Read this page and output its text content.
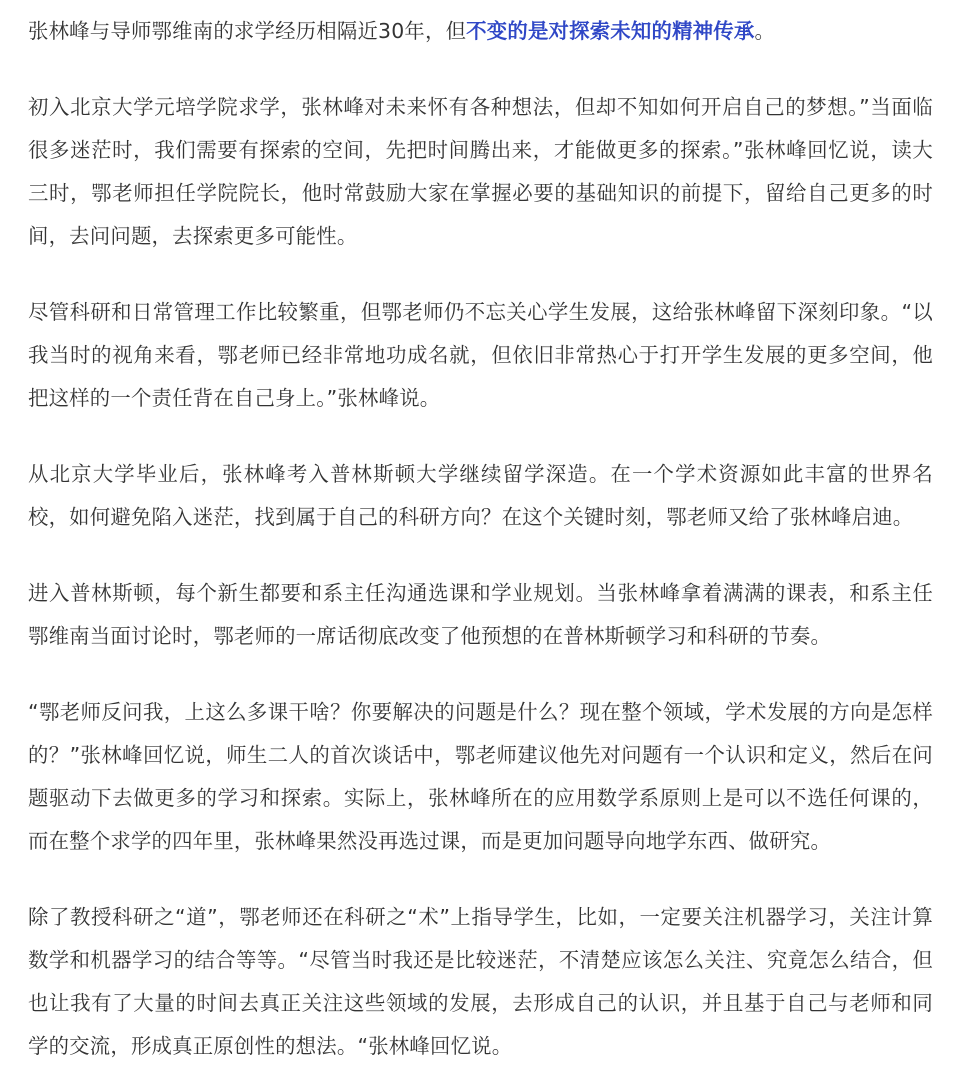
张林峰与导师鄂维南的求学经历相隔近30年，但不变的是对探索未知的精神传承。

初入北京大学元培学院求学，张林峰对未来怀有各种想法，但却不知如何开启自己的梦想。”当面临很多迷茫时，我们需要有探索的空间，先把时间腾出来，才能做更多的探索。”张林峰回忆说，读大三时，鄂老师担任学院院长，他时常鼓励大家在掌握必要的基础知识的前提下，留给自己更多的时间，去问问题，去探索更多可能性。

尽管科研和日常管理工作比较繁重，但鄂老师仍不忘关心学生发展，这给张林峰留下深刻印象。“以我当时的视角来看，鄂老师已经非常地功成名就，但依旧非常热心于打开学生发展的更多空间，他把这样的一个责任背在自己身上。”张林峰说。

从北京大学毕业后，张林峰考入普林斯顿大学继续留学深造。在一个学术资源如此丰富的世界名校，如何避免陷入迷茫，找到属于自己的科研方向？在这个关键时刻，鄂老师又给了张林峰启迪。

进入普林斯顿，每个新生都要和系主任沟通选课和学业规划。当张林峰拿着满满的课表，和系主任鄂维南当面讨论时，鄂老师的一席话彻底改变了他预想的在普林斯顿学习和科研的节奏。

“鄂老师反问我，上这么多课干啥？你要解决的问题是什么？现在整个领域，学术发展的方向是怎样的？”张林峰回忆说，师生二人的首次谈话中，鄂老师建议他先对问题有一个认识和定义，然后在问题驱动下去做更多的学习和探索。实际上，张林峰所在的应用数学系原则上是可以不选任何课的，而在整个求学的四年里，张林峰果然没再选过课，而是更加问题导向地学东西、做研究。

除了教授科研之“道”，鄂老师还在科研之“术”上指导学生，比如，一定要关注机器学习，关注计算数学和机器学习的结合等等。“尽管当时我还是比较迷茫，不清楚应该怎么关注、究竟怎么结合，但也让我有了大量的时间去真正关注这些领域的发展，去形成自己的认识，并且基于自己与老师和同学的交流，形成真正原创性的想法。“张林峰回忆说。
